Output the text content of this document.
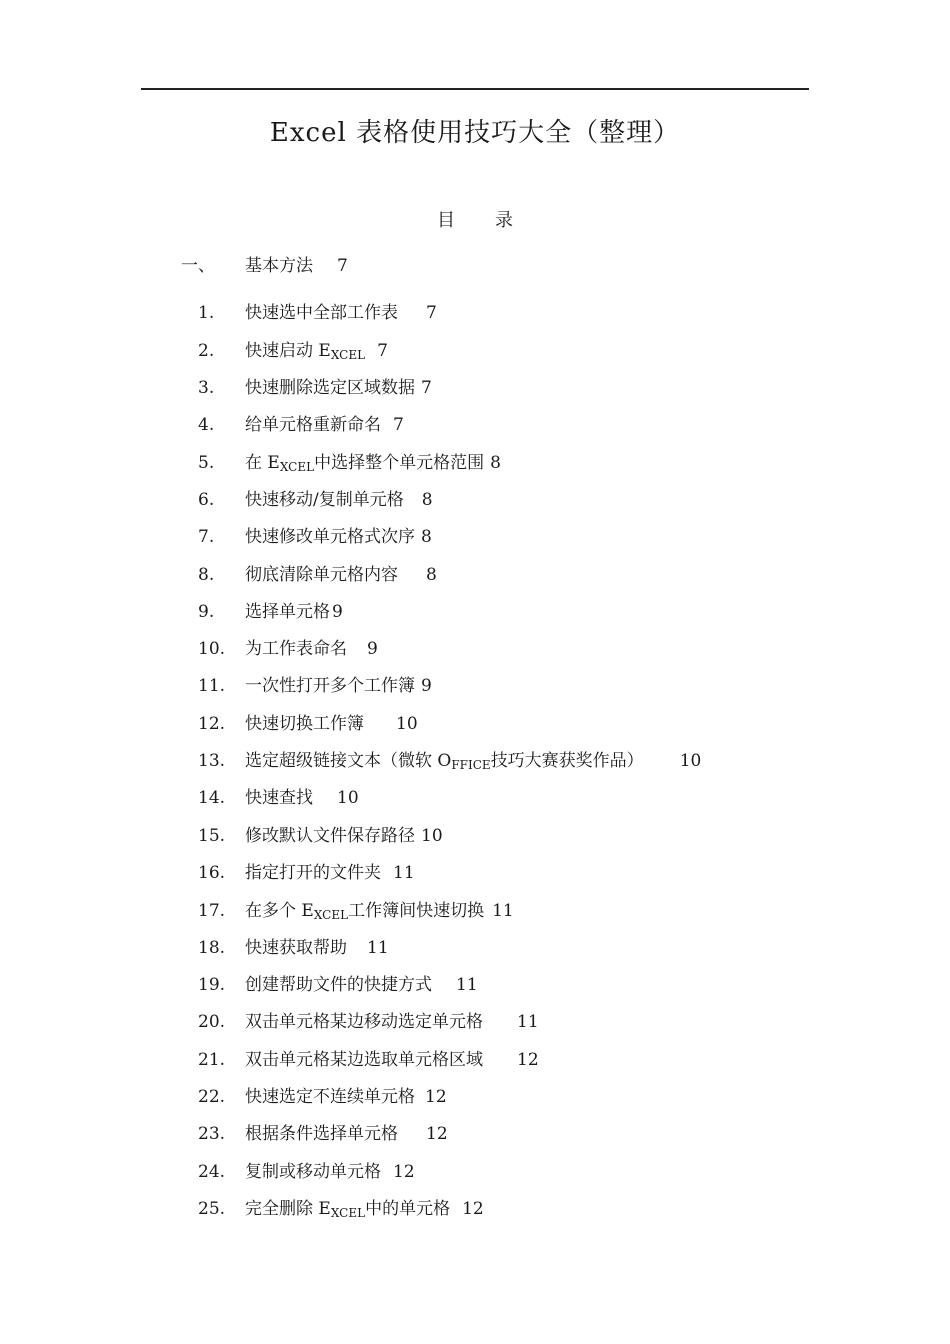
Excel 表格使用技巧大全（整理）
目 录
一、 基本方法 7
1. 快速选中全部工作表 7
2. 快速启动 EXCEL 7
3. 快速删除选定区域数据 7
4. 给单元格重新命名 7
5. 在 EXCEL中选择整个单元格范围 8
6. 快速移动/复制单元格 8
7. 快速修改单元格式次序 8
8. 彻底清除单元格内容 8
9. 选择单元格 9
10. 为工作表命名 9
11. 一次性打开多个工作簿 9
12. 快速切换工作簿 10
13. 选定超级链接文本（微软 OFFICE技巧大赛获奖作品） 10
14. 快速查找 10
15. 修改默认文件保存路径 10
16. 指定打开的文件夹 11
17. 在多个 EXCEL工作簿间快速切换 11
18. 快速获取帮助 11
19. 创建帮助文件的快捷方式 11
20. 双击单元格某边移动选定单元格 11
21. 双击单元格某边选取单元格区域 12
22. 快速选定不连续单元格 12
23. 根据条件选择单元格 12
24. 复制或移动单元格 12
25. 完全删除 EXCEL中的单元格 12
